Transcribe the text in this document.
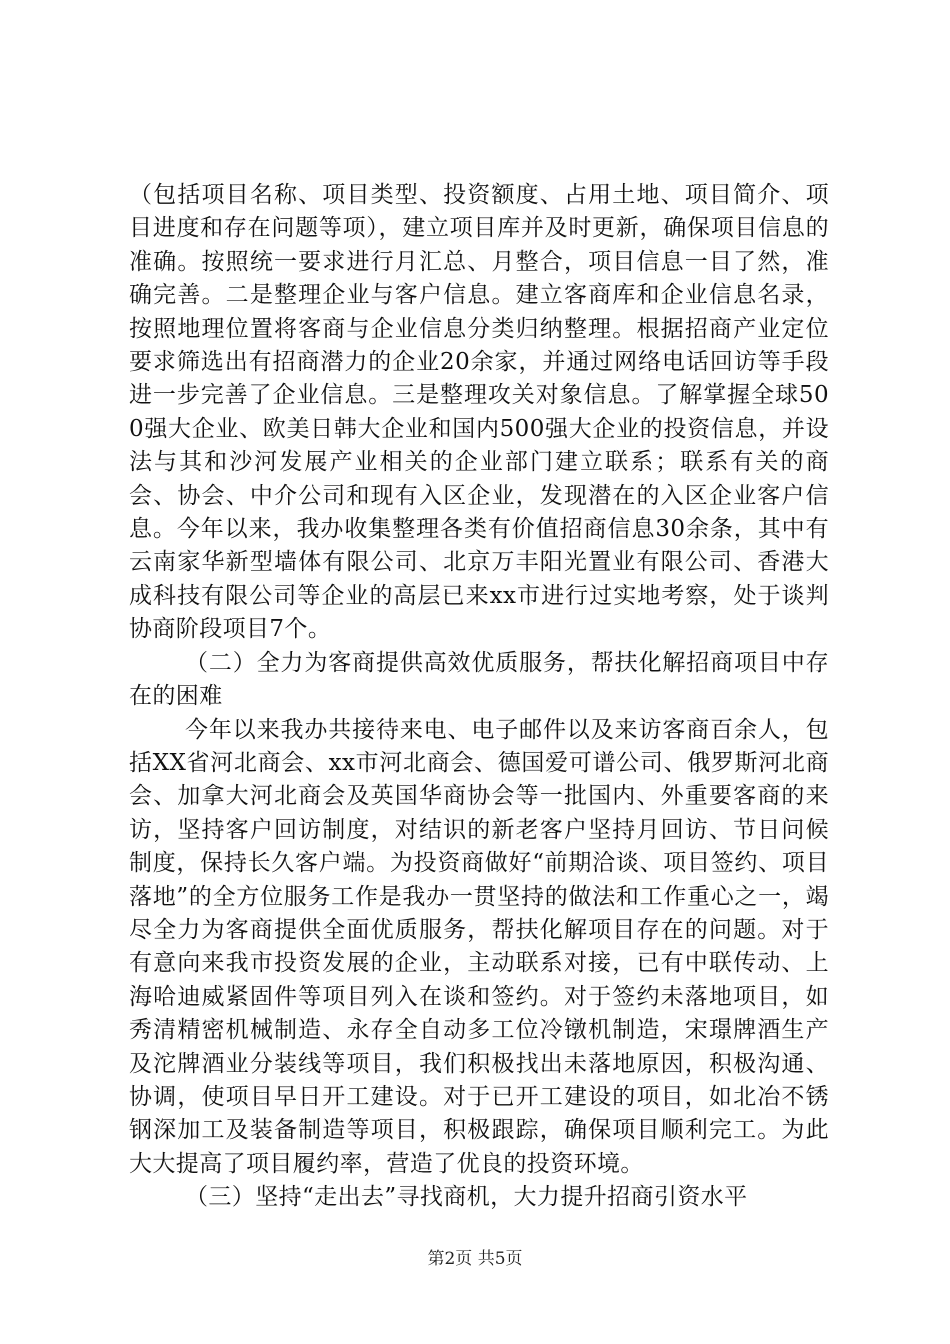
（包括项目名称、项目类型、投资额度、占用土地、项目简介、项目进度和存在问题等项），建立项目库并及时更新，确保项目信息的准确。按照统一要求进行月汇总、月整合，项目信息一目了然，准确完善。二是整理企业与客户信息。建立客商库和企业信息名录，按照地理位置将客商与企业信息分类归纳整理。根据招商产业定位要求筛选出有招商潜力的企业20余家，并通过网络电话回访等手段进一步完善了企业信息。三是整理攻关对象信息。了解掌握全球500强大企业、欧美日韩大企业和国内500强大企业的投资信息，并设法与其和沙河发展产业相关的企业部门建立联系；联系有关的商会、协会、中介公司和现有入区企业，发现潜在的入区企业客户信息。今年以来，我办收集整理各类有价值招商信息30余条，其中有云南家华新型墙体有限公司、北京万丰阳光置业有限公司、香港大成科技有限公司等企业的高层已来xx市进行过实地考察，处于谈判协商阶段项目7个。

（二）全力为客商提供高效优质服务，帮扶化解招商项目中存在的困难

今年以来我办共接待来电、电子邮件以及来访客商百余人，包括XX省河北商会、xx市河北商会、德国爱可谱公司、俄罗斯河北商会、加拿大河北商会及英国华商协会等一批国内、外重要客商的来访，坚持客户回访制度，对结识的新老客户坚持月回访、节日问候制度，保持长久客户端。为投资商做好“前期洽谈、项目签约、项目落地”的全方位服务工作是我办一贯坚持的做法和工作重心之一，竭尽全力为客商提供全面优质服务，帮扶化解项目存在的问题。对于有意向来我市投资发展的企业，主动联系对接，已有中联传动、上海哈迪威紧固件等项目列入在谈和签约。对于签约未落地项目，如秀清精密机械制造、永存全自动多工位冷镦机制造，宋璟牌酒生产及沱牌酒业分装线等项目，我们积极找出未落地原因，积极沟通、协调，使项目早日开工建设。对于已开工建设的项目，如北冶不锈钢深加工及装备制造等项目，积极跟踪，确保项目顺利完工。为此大大提高了项目履约率，营造了优良的投资环境。

（三）坚持“走出去”寻找商机，大力提升招商引资水平

第2页 共5页
